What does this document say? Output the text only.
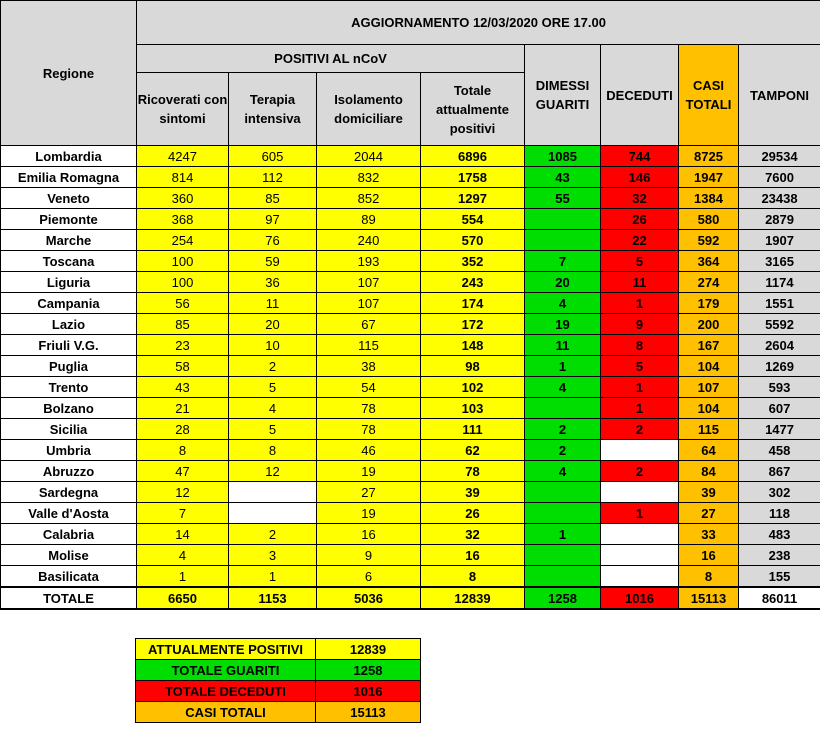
Regione	AGGIORNAMENTO 12/03/2020 ORE 17.00							
	POSITIVI AL nCoV				DIMESSI GUARITI	DECEDUTI	CASI TOTALI	TAMPONI
	Ricoverati con sintomi	Terapia intensiva	Isolamento domiciliare	Totale attualmente positivi				
Lombardia	4247	605	2044	6896	1085	744	8725	29534
Emilia Romagna	814	112	832	1758	43	146	1947	7600
Veneto	360	85	852	1297	55	32	1384	23438
Piemonte	368	97	89	554		26	580	2879
Marche	254	76	240	570		22	592	1907
Toscana	100	59	193	352	7	5	364	3165
Liguria	100	36	107	243	20	11	274	1174
Campania	56	11	107	174	4	1	179	1551
Lazio	85	20	67	172	19	9	200	5592
Friuli V.G.	23	10	115	148	11	8	167	2604
Puglia	58	2	38	98	1	5	104	1269
Trento	43	5	54	102	4	1	107	593
Bolzano	21	4	78	103		1	104	607
Sicilia	28	5	78	111	2	2	115	1477
Umbria	8	8	46	62	2		64	458
Abruzzo	47	12	19	78	4	2	84	867
Sardegna	12		27	39			39	302
Valle d'Aosta	7		19	26		1	27	118
Calabria	14	2	16	32	1		33	483
Molise	4	3	9	16			16	238
Basilicata	1	1	6	8			8	155
TOTALE	6650	1153	5036	12839	1258	1016	15113	86011
ATTUALMENTE POSITIVI	12839
TOTALE GUARITI	1258
TOTALE DECEDUTI	1016
CASI TOTALI	15113
